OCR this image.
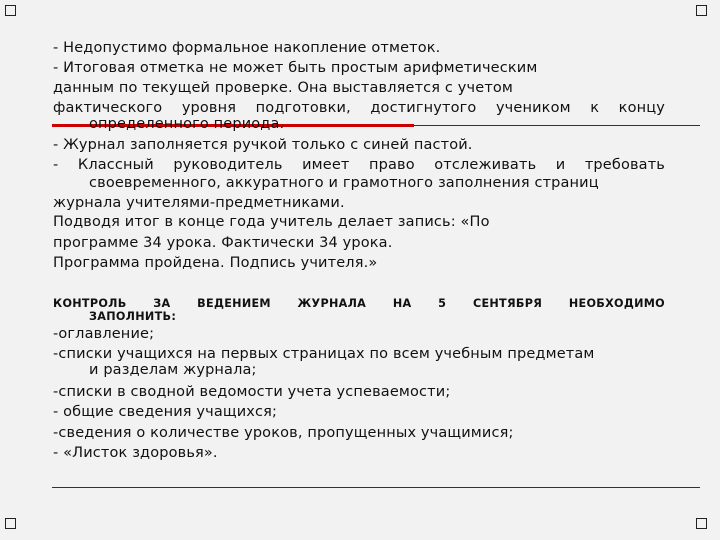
- Недопустимо формальное накопление отметок.
- Итоговая отметка не может быть простым арифметическим
данным по текущей проверке. Она выставляется с учетом
фактического уровня подготовки, достигнутого учеником к концу
определенного периода.
- Журнал заполняется ручкой только с синей пастой.
- Классный руководитель имеет право отслеживать и требовать
своевременного, аккуратного и грамотного заполнения страниц
журнала учителями-предметниками.
Подводя итог в конце года учитель делает запись: «По
программе 34 урока. Фактически 34 урока.
Программа пройдена. Подпись учителя.»
КОНТРОЛЬ ЗА ВЕДЕНИЕМ ЖУРНАЛА НА 5 СЕНТЯБРЯ НЕОБХОДИМО
ЗАПОЛНИТЬ:
-оглавление;
-списки учащихся на первых страницах по всем учебным предметам
и разделам журнала;
-списки в сводной ведомости учета успеваемости;
- общие сведения учащихся;
-сведения о количестве уроков, пропущенных учащимися;
- «Листок здоровья».
